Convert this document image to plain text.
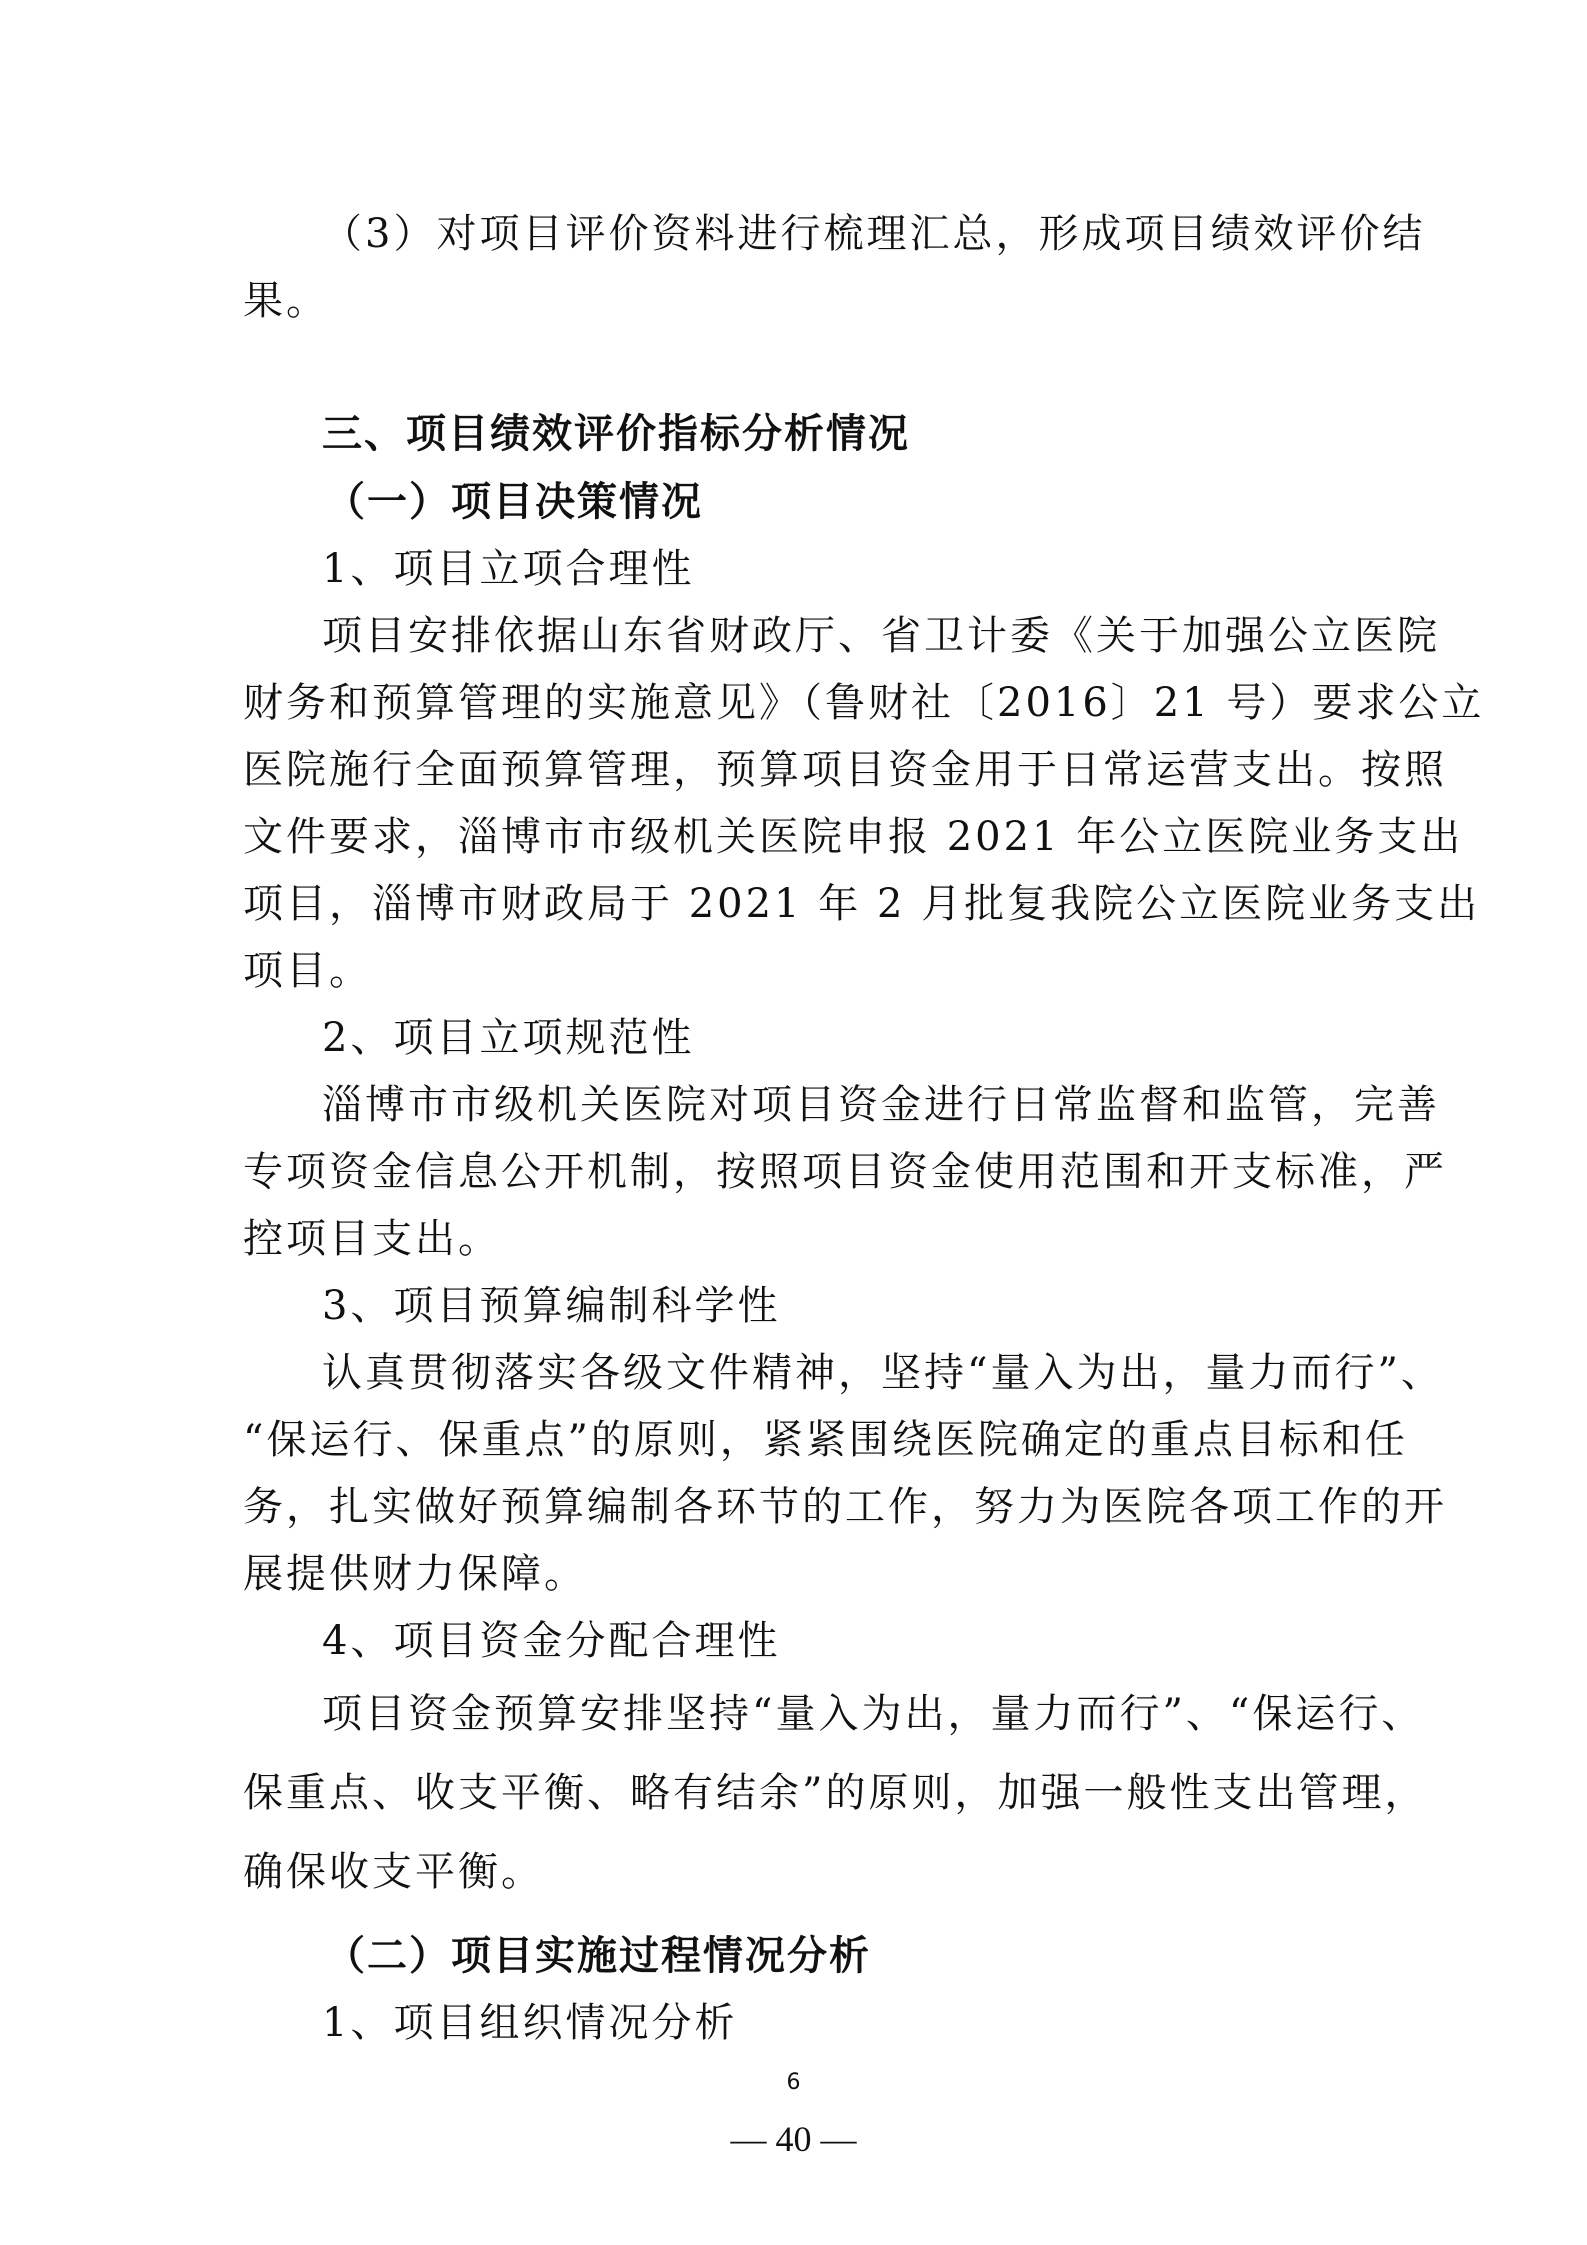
（3）对项目评价资料进行梳理汇总，形成项目绩效评价结
果。
三、项目绩效评价指标分析情况
（一）项目决策情况
1、项目立项合理性
项目安排依据山东省财政厅、省卫计委《关于加强公立医院
财务和预算管理的实施意见》（鲁财社〔2016〕21 号）要求公立
医院施行全面预算管理，预算项目资金用于日常运营支出。按照
文件要求，淄博市市级机关医院申报 2021 年公立医院业务支出
项目，淄博市财政局于 2021 年 2 月批复我院公立医院业务支出
项目。
2、项目立项规范性
淄博市市级机关医院对项目资金进行日常监督和监管，完善
专项资金信息公开机制，按照项目资金使用范围和开支标准，严
控项目支出。
3、项目预算编制科学性
认真贯彻落实各级文件精神，坚持“量入为出，量力而行”、
“保运行、保重点”的原则，紧紧围绕医院确定的重点目标和任
务，扎实做好预算编制各环节的工作，努力为医院各项工作的开
展提供财力保障。
4、项目资金分配合理性
项目资金预算安排坚持“量入为出，量力而行”、“保运行、
保重点、收支平衡、略有结余”的原则，加强一般性支出管理，
确保收支平衡。
（二）项目实施过程情况分析
1、项目组织情况分析
6
— 40 —
